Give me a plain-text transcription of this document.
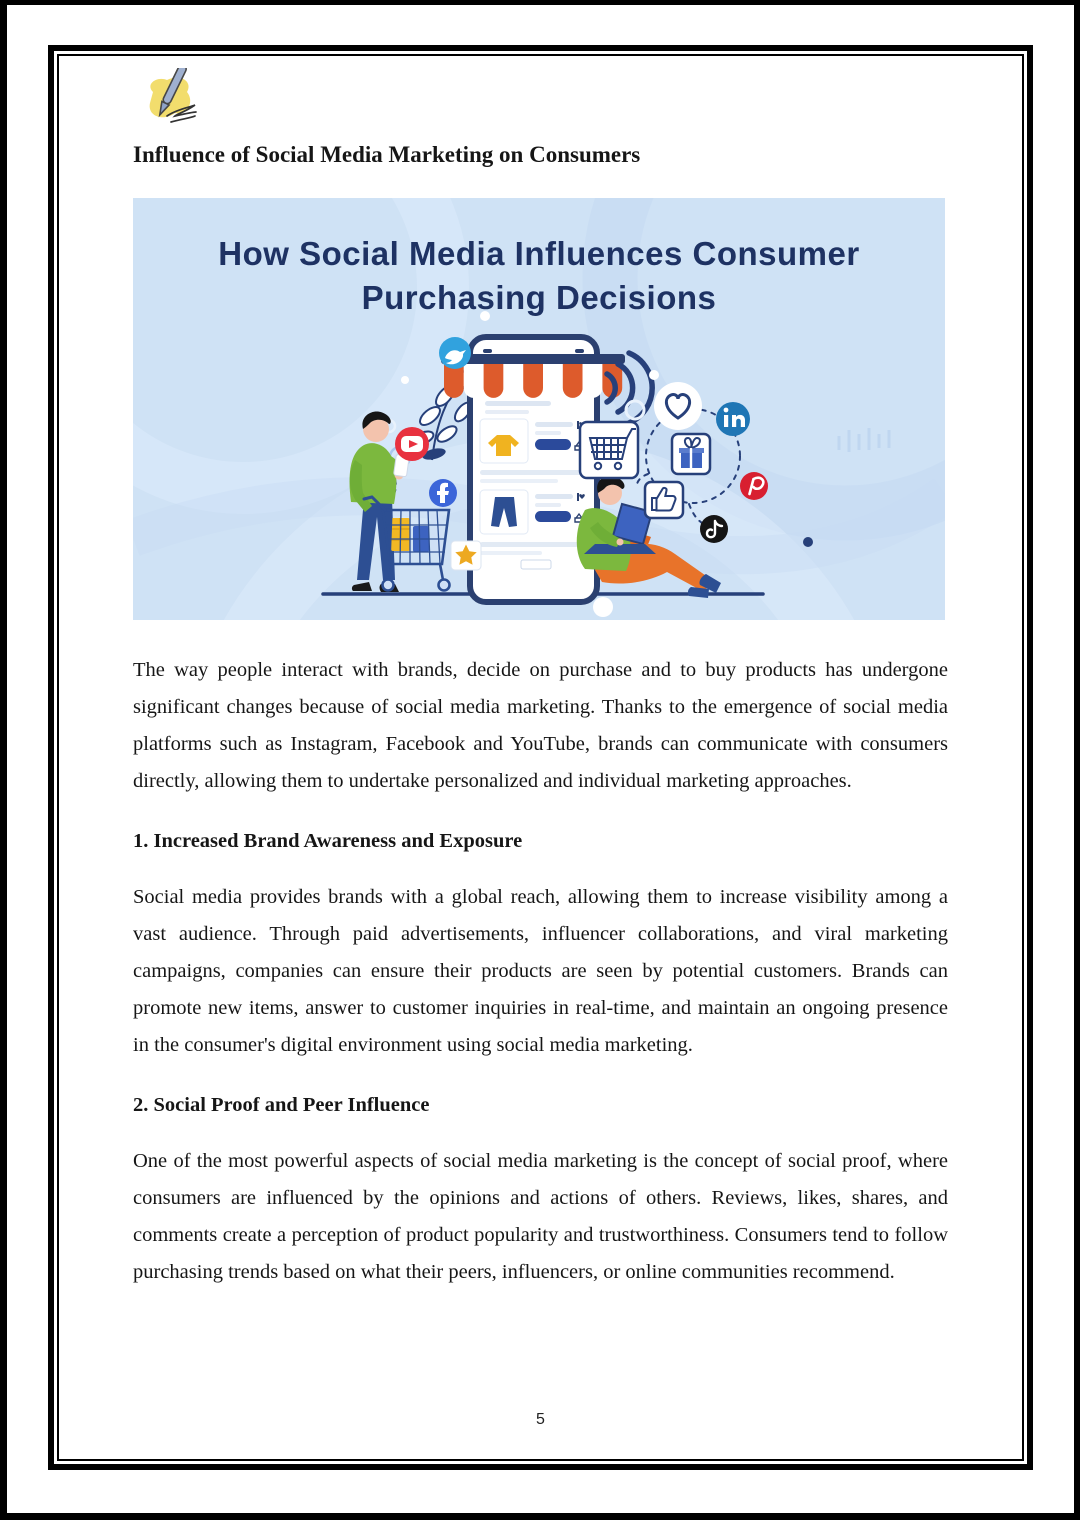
Influence of Social Media Marketing on Consumers
How Social Media Influences Consumer
Purchasing Decisions

The way people interact with brands, decide on purchase and to buy products has undergone significant changes because of social media marketing. Thanks to the emergence of social media platforms such as Instagram, Facebook and YouTube, brands can communicate with consumers directly, allowing them to undertake personalized and individual marketing approaches.

1. Increased Brand Awareness and Exposure

Social media provides brands with a global reach, allowing them to increase visibility among a vast audience. Through paid advertisements, influencer collaborations, and viral marketing campaigns, companies can ensure their products are seen by potential customers. Brands can promote new items, answer to customer inquiries in real-time, and maintain an ongoing presence in the consumer's digital environment using social media marketing.

2. Social Proof and Peer Influence

One of the most powerful aspects of social media marketing is the concept of social proof, where consumers are influenced by the opinions and actions of others. Reviews, likes, shares, and comments create a perception of product popularity and trustworthiness. Consumers tend to follow purchasing trends based on what their peers, influencers, or online communities recommend.

5
